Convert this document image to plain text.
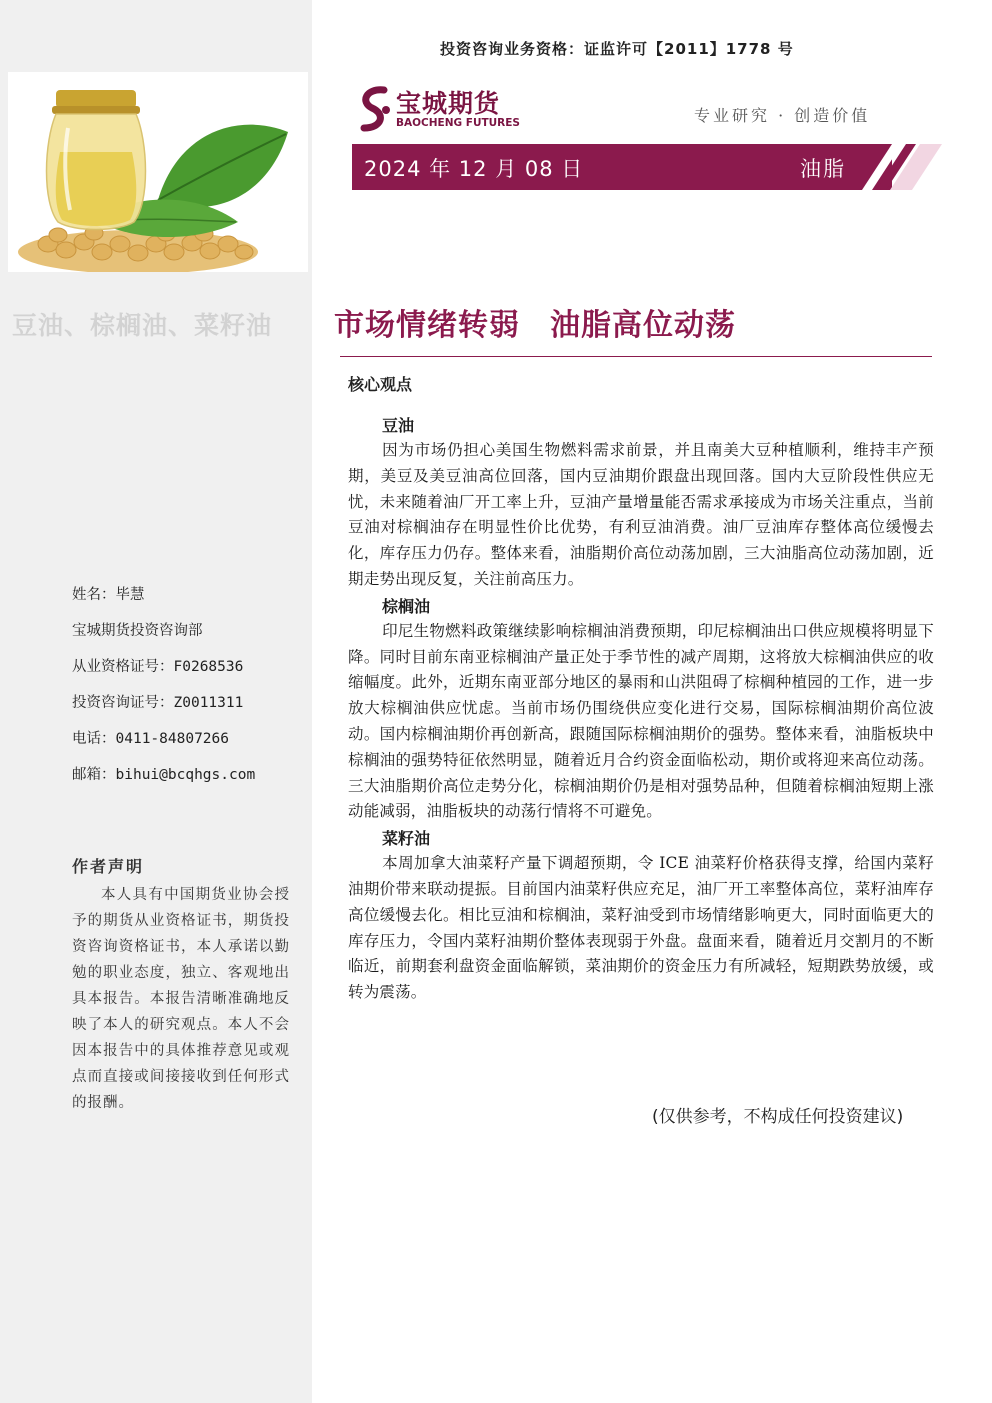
豆油、棕榈油、菜籽油
姓名：毕慧
宝城期货投资咨询部
从业资格证号：F0268536
投资咨询证号：Z0011311
电话：0411-84807266
邮箱：bihui@bcqhgs.com
作者声明
本人具有中国期货业协会授予的期货从业资格证书，期货投资咨询资格证书，本人承诺以勤勉的职业态度，独立、客观地出具本报告。本报告清晰准确地反映了本人的研究观点。本人不会因本报告中的具体推荐意见或观点而直接或间接接收到任何形式的报酬。
投资咨询业务资格：证监许可【2011】1778 号
宝城期货
BAOCHENG FUTURES	专业研究 · 创造价值
2024 年 12 月 08 日	油脂
市场情绪转弱 油脂高位动荡
核心观点

豆油

因为市场仍担心美国生物燃料需求前景，并且南美大豆种植顺利，维持丰产预期，美豆及美豆油高位回落，国内豆油期价跟盘出现回落。国内大豆阶段性供应无忧，未来随着油厂开工率上升，豆油产量增量能否需求承接成为市场关注重点，当前豆油对棕榈油存在明显性价比优势，有利豆油消费。油厂豆油库存整体高位缓慢去化，库存压力仍存。整体来看，油脂期价高位动荡加剧，三大油脂高位动荡加剧，近期走势出现反复，关注前高压力。

棕榈油

印尼生物燃料政策继续影响棕榈油消费预期，印尼棕榈油出口供应规模将明显下降。同时目前东南亚棕榈油产量正处于季节性的减产周期，这将放大棕榈油供应的收缩幅度。此外，近期东南亚部分地区的暴雨和山洪阻碍了棕榈种植园的工作，进一步放大棕榈油供应忧虑。当前市场仍围绕供应变化进行交易，国际棕榈油期价高位波动。国内棕榈油期价再创新高，跟随国际棕榈油期价的强势。整体来看，油脂板块中棕榈油的强势特征依然明显，随着近月合约资金面临松动，期价或将迎来高位动荡。三大油脂期价高位走势分化，棕榈油期价仍是相对强势品种，但随着棕榈油短期上涨动能减弱，油脂板块的动荡行情将不可避免。

菜籽油

本周加拿大油菜籽产量下调超预期，令 ICE 油菜籽价格获得支撑，给国内菜籽油期价带来联动提振。目前国内油菜籽供应充足，油厂开工率整体高位，菜籽油库存高位缓慢去化。相比豆油和棕榈油，菜籽油受到市场情绪影响更大，同时面临更大的库存压力，令国内菜籽油期价整体表现弱于外盘。盘面来看，随着近月交割月的不断临近，前期套利盘资金面临解锁，菜油期价的资金压力有所减轻，短期跌势放缓，或转为震荡。

(仅供参考，不构成任何投资建议)
